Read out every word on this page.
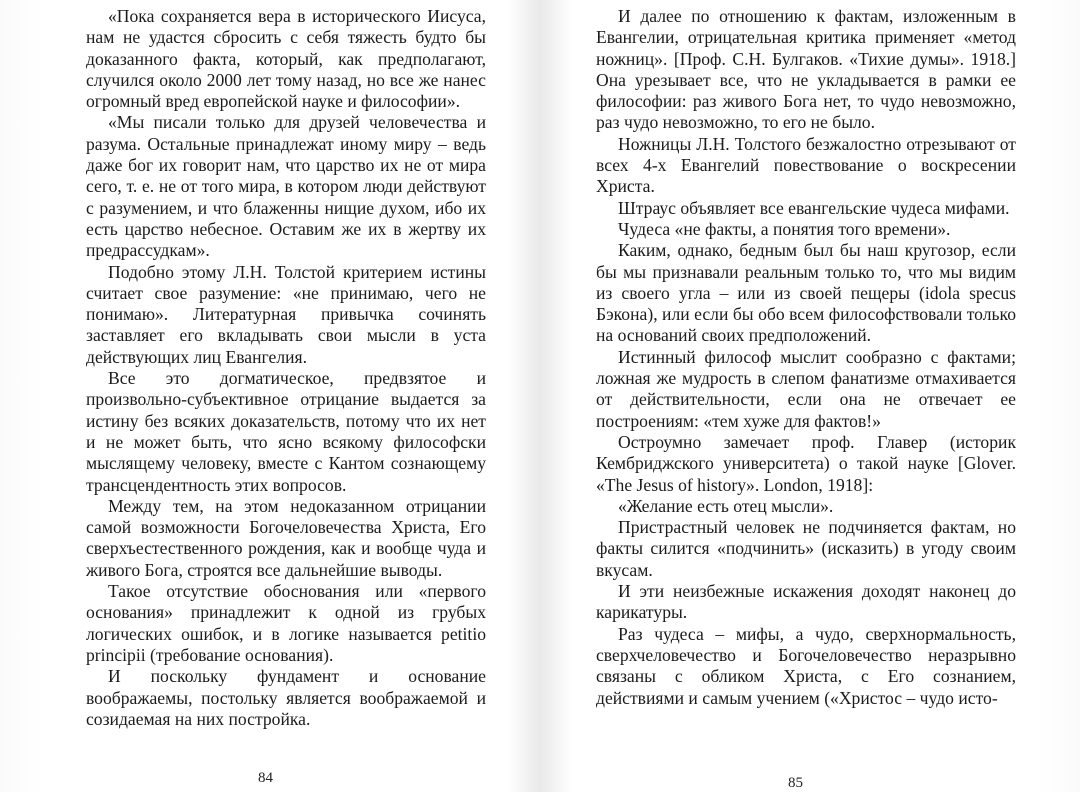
«Пока сохраняется вера в исторического Иисуса, нам не удастся сбросить с себя тяжесть будто бы доказанного факта, который, как предполагают, случился около 2000 лет тому назад, но все же нанес огромный вред европейской науке и философии».

«Мы писали только для друзей человечества и разума. Остальные принадлежат иному миру – ведь даже бог их говорит нам, что царство их не от мира сего, т. е. не от того мира, в котором люди действуют с разумением, и что блаженны нищие духом, ибо их есть царство небесное. Оставим же их в жертву их предрассудкам».

Подобно этому Л.Н. Толстой критерием истины считает свое разумение: «не принимаю, чего не понимаю». Литературная привычка сочинять заставляет его вкладывать свои мысли в уста действующих лиц Евангелия.

Все это догматическое, предвзятое и произвольно-субъективное отрицание выдается за истину без всяких доказательств, потому что их нет и не может быть, что ясно всякому философски мыслящему человеку, вместе с Кантом сознающему трансцендентность этих вопросов.

Между тем, на этом недоказанном отрицании самой возможности Богочеловечества Христа, Его сверхъестественного рождения, как и вообще чуда и живого Бога, строятся все дальнейшие выводы.

Такое отсутствие обоснования или «первого основания» принадлежит к одной из грубых логических ошибок, и в логике называется petitio principii (требование основания).

И поскольку фундамент и основание воображаемы, постольку является воображаемой и созидаемая на них постройка.

84

И далее по отношению к фактам, изложенным в Евангелии, отрицательная критика применяет «метод ножниц». [Проф. С.Н. Булгаков. «Тихие думы». 1918.] Она урезывает все, что не укладывается в рамки ее философии: раз живого Бога нет, то чудо невозможно, раз чудо невозможно, то его не было.

Ножницы Л.Н. Толстого безжалостно отрезывают от всех 4-х Евангелий повествование о воскресении Христа.

Штраус объявляет все евангельские чудеса мифами.

Чудеса «не факты, а понятия того времени».

Каким, однако, бедным был бы наш кругозор, если бы мы признавали реальным только то, что мы видим из своего угла – или из своей пещеры (idola specus Бэкона), или если бы обо всем философствовали только на оснований своих предположений.

Истинный философ мыслит сообразно с фактами; ложная же мудрость в слепом фанатизме отмахивается от действительности, если она не отвечает ее построениям: «тем хуже для фактов!»

Остроумно замечает проф. Главер (историк Кембриджского университета) о такой науке [Glover. «The Jesus of history». London, 1918]:

«Желание есть отец мысли».

Пристрастный человек не подчиняется фактам, но факты силится «подчинить» (исказить) в угоду своим вкусам.

И эти неизбежные искажения доходят наконец до карикатуры.

Раз чудеса – мифы, а чудо, сверхнормальность, сверхчеловечество и Богочеловечество неразрывно связаны с обликом Христа, с Его сознанием, действиями и самым учением («Христос – чудо исто-

85
